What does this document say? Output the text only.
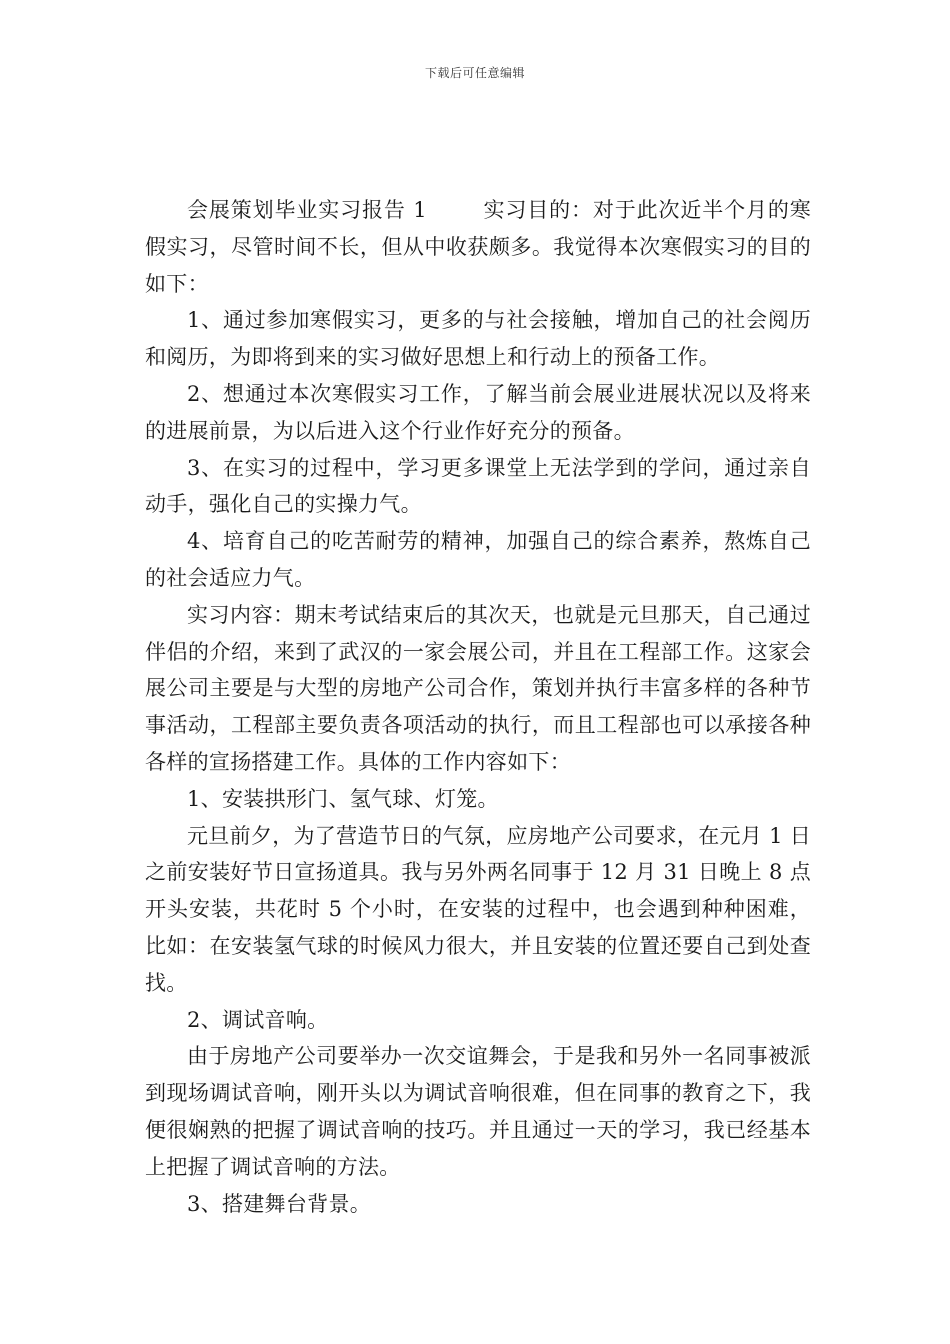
下载后可任意编辑

会展策划毕业实习报告 1	实习目的：对于此次近半个月的寒假实习，尽管时间不长，但从中收获颇多。我觉得本次寒假实习的目的如下：

1、通过参加寒假实习，更多的与社会接触，增加自己的社会阅历和阅历，为即将到来的实习做好思想上和行动上的预备工作。

2、想通过本次寒假实习工作，了解当前会展业进展状况以及将来的进展前景，为以后进入这个行业作好充分的预备。

3、在实习的过程中，学习更多课堂上无法学到的学问，通过亲自动手，强化自己的实操力气。

4、培育自己的吃苦耐劳的精神，加强自己的综合素养，熬炼自己的社会适应力气。

实习内容：期末考试结束后的其次天，也就是元旦那天，自己通过伴侣的介绍，来到了武汉的一家会展公司，并且在工程部工作。这家会展公司主要是与大型的房地产公司合作，策划并执行丰富多样的各种节事活动，工程部主要负责各项活动的执行，而且工程部也可以承接各种各样的宣扬搭建工作。具体的工作内容如下：

1、安装拱形门、氢气球、灯笼。

元旦前夕，为了营造节日的气氛，应房地产公司要求，在元月 1 日之前安装好节日宣扬道具。我与另外两名同事于 12 月 31 日晚上 8 点开头安装，共花时 5 个小时，在安装的过程中，也会遇到种种困难，比如：在安装氢气球的时候风力很大，并且安装的位置还要自己到处查找。

2、调试音响。

由于房地产公司要举办一次交谊舞会，于是我和另外一名同事被派到现场调试音响，刚开头以为调试音响很难，但在同事的教育之下，我便很娴熟的把握了调试音响的技巧。并且通过一天的学习，我已经基本上把握了调试音响的方法。

3、搭建舞台背景。
